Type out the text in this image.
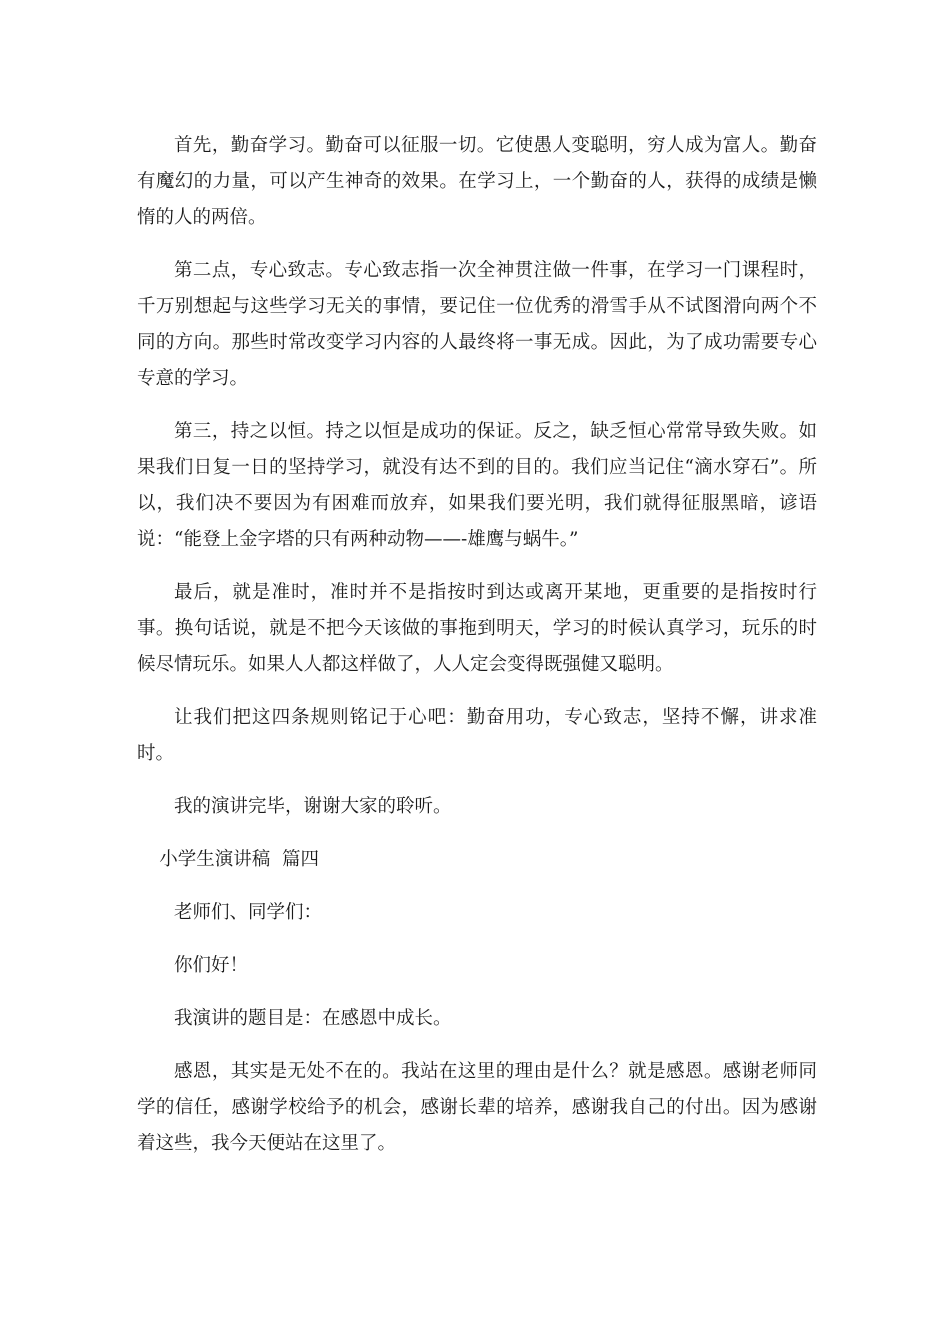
首先，勤奋学习。勤奋可以征服一切。它使愚人变聪明，穷人成为富人。勤奋有魔幻的力量，可以产生神奇的效果。在学习上，一个勤奋的人，获得的成绩是懒惰的人的两倍。

第二点，专心致志。专心致志指一次全神贯注做一件事，在学习一门课程时，千万别想起与这些学习无关的事情，要记住一位优秀的滑雪手从不试图滑向两个不同的方向。那些时常改变学习内容的人最终将一事无成。因此，为了成功需要专心专意的学习。

第三，持之以恒。持之以恒是成功的保证。反之，缺乏恒心常常导致失败。如果我们日复一日的坚持学习，就没有达不到的目的。我们应当记住“滴水穿石”。所以，我们决不要因为有困难而放弃，如果我们要光明，我们就得征服黑暗，谚语说：“能登上金字塔的只有两种动物——-雄鹰与蜗牛。”

最后，就是准时，准时并不是指按时到达或离开某地，更重要的是指按时行事。换句话说，就是不把今天该做的事拖到明天，学习的时候认真学习，玩乐的时候尽情玩乐。如果人人都这样做了，人人定会变得既强健又聪明。

让我们把这四条规则铭记于心吧：勤奋用功，专心致志，坚持不懈，讲求准时。

我的演讲完毕，谢谢大家的聆听。

小学生演讲稿  篇四

老师们、同学们：

你们好！

我演讲的题目是：在感恩中成长。

感恩，其实是无处不在的。我站在这里的理由是什么？就是感恩。感谢老师同学的信任，感谢学校给予的机会，感谢长辈的培养，感谢我自己的付出。因为感谢着这些，我今天便站在这里了。
